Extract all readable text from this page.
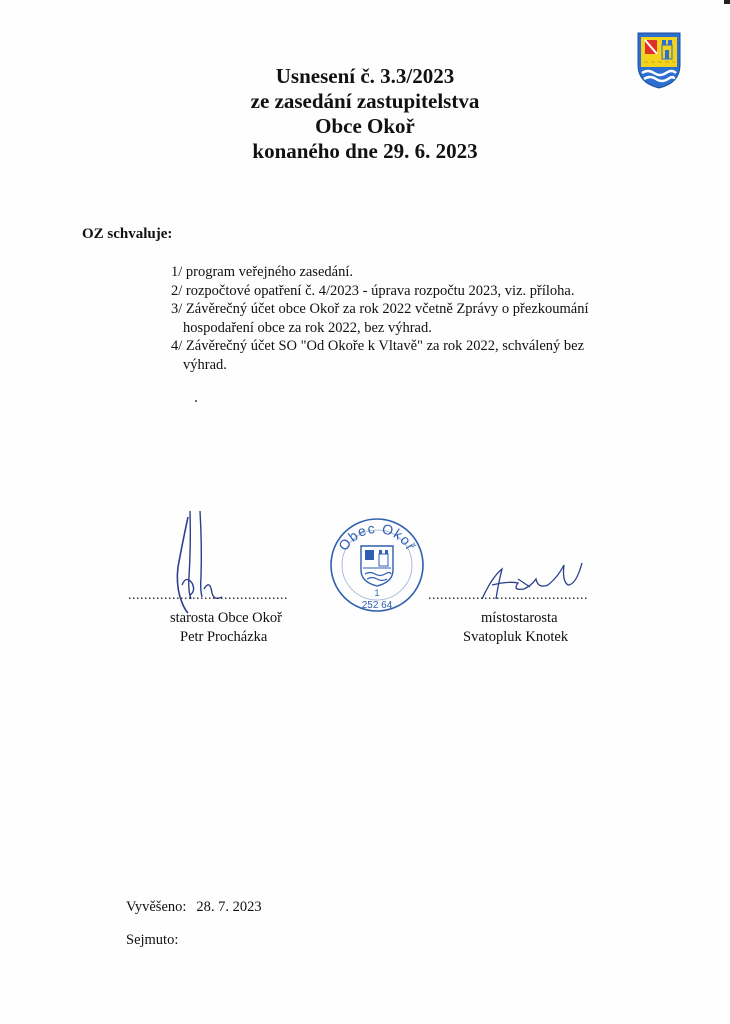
Usnesení č. 3.3/2023
ze zasedání zastupitelstva
Obce Okoř
konaného dne 29. 6. 2023
OZ schvaluje:

1/ program veřejného zasedání.

2/ rozpočtové opatření č. 4/2023 - úprava rozpočtu 2023, viz. příloha.

3/ Závěrečný účet obce Okoř za rok 2022 včetně Zprávy o přezkoumání
hospodaření obce za rok 2022, bez výhrad.

4/ Závěrečný účet SO "Od Okoře k Vltavě" za rok 2022, schválený bez
výhrad.

Obec Okoř
1
252 64
........................................	........................................
starosta Obce Okoř
Petr Procházka
místostarosta
Svatopluk Knotek
Vyvěšeno: 28. 7. 2023
Sejmuto:
